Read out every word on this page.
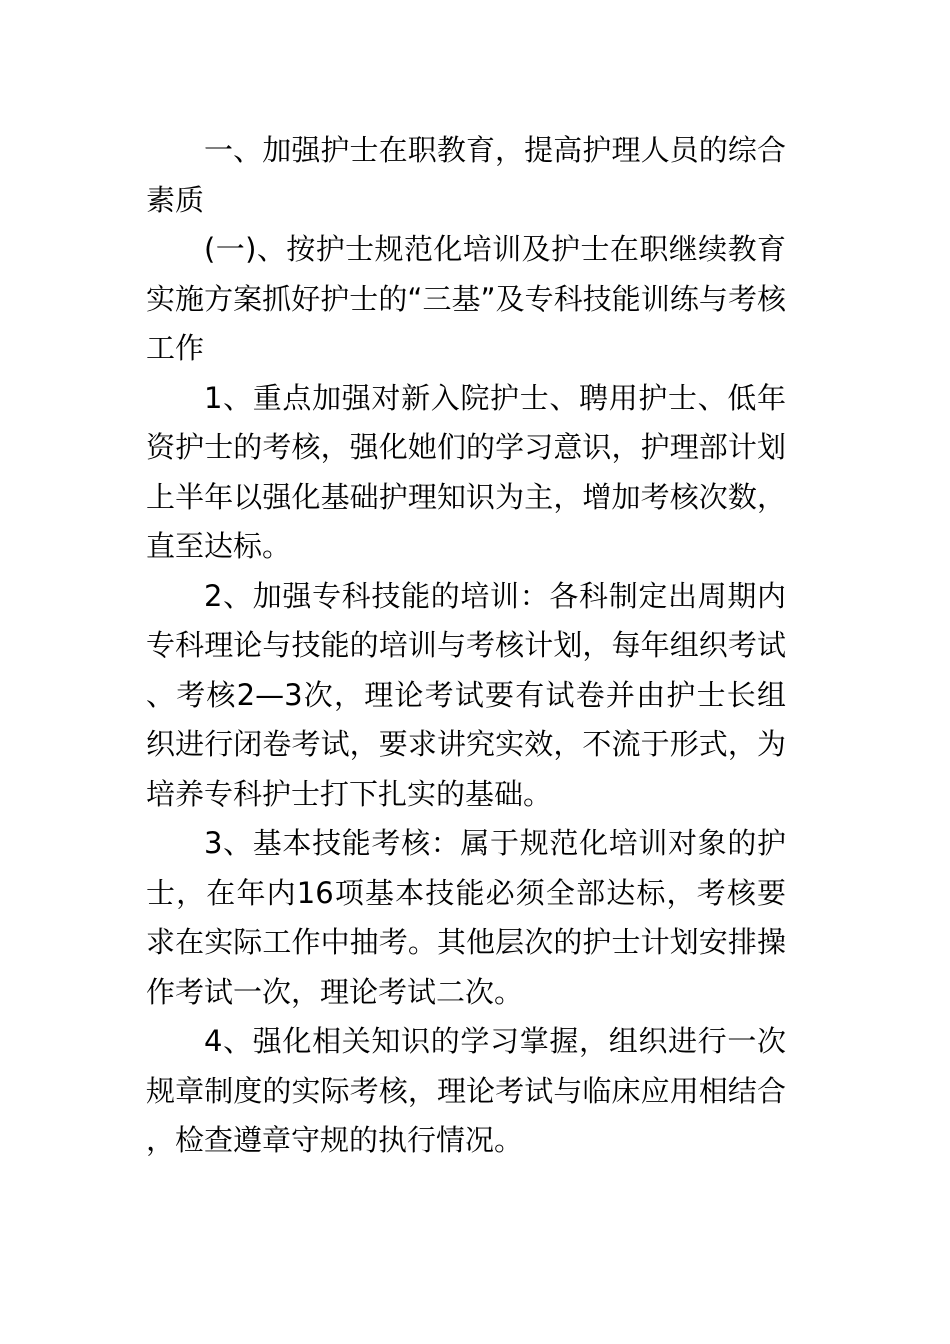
一、加强护士在职教育，提高护理人员的综合素质

(一)、按护士规范化培训及护士在职继续教育实施方案抓好护士的“三基”及专科技能训练与考核工作

1、重点加强对新入院护士、聘用护士、低年资护士的考核，强化她们的学习意识，护理部计划上半年以强化基础护理知识为主，增加考核次数，直至达标。

2、加强专科技能的培训：各科制定出周期内专科理论与技能的培训与考核计划，每年组织考试、考核2—3次，理论考试要有试卷并由护士长组织进行闭卷考试，要求讲究实效，不流于形式，为培养专科护士打下扎实的基础。

3、基本技能考核：属于规范化培训对象的护士，在年内16项基本技能必须全部达标，考核要求在实际工作中抽考。其他层次的护士计划安排操作考试一次，理论考试二次。

4、强化相关知识的学习掌握，组织进行一次规章制度的实际考核，理论考试与临床应用相结合，检查遵章守规的执行情况。
